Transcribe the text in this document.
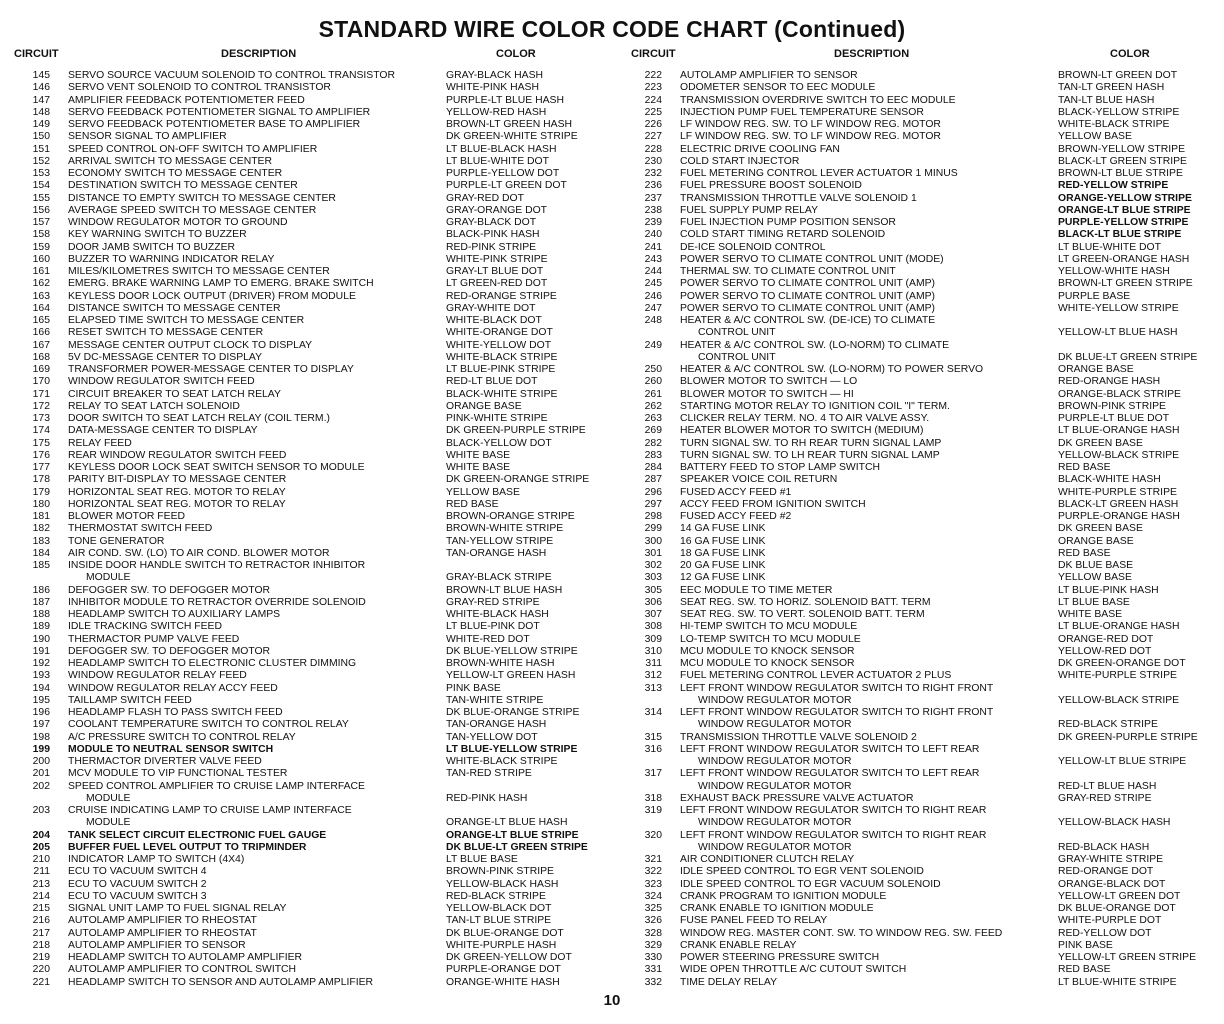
STANDARD WIRE COLOR CODE CHART (Continued)
CIRCUIT	DESCRIPTION	COLOR
145	SERVO SOURCE VACUUM SOLENOID TO CONTROL TRANSISTOR	GRAY-BLACK HASH
146	SERVO VENT SOLENOID TO CONTROL TRANSISTOR	WHITE-PINK HASH
147	AMPLIFIER FEEDBACK POTENTIOMETER FEED	PURPLE-LT BLUE HASH
148	SERVO FEEDBACK POTENTIOMETER SIGNAL TO AMPLIFIER	YELLOW-RED HASH
149	SERVO FEEDBACK POTENTIOMETER BASE TO AMPLIFIER	BROWN-LT GREEN HASH
150	SENSOR SIGNAL TO AMPLIFIER	DK GREEN-WHITE STRIPE
151	SPEED CONTROL ON-OFF SWITCH TO AMPLIFIER	LT BLUE-BLACK HASH
152	ARRIVAL SWITCH TO MESSAGE CENTER	LT BLUE-WHITE DOT
153	ECONOMY SWITCH TO MESSAGE CENTER	PURPLE-YELLOW DOT
154	DESTINATION SWITCH TO MESSAGE CENTER	PURPLE-LT GREEN DOT
155	DISTANCE TO EMPTY SWITCH TO MESSAGE CENTER	GRAY-RED DOT
156	AVERAGE SPEED SWITCH TO MESSAGE CENTER	GRAY-ORANGE DOT
157	WINDOW REGULATOR MOTOR TO GROUND	GRAY-BLACK DOT
158	KEY WARNING SWITCH TO BUZZER	BLACK-PINK HASH
159	DOOR JAMB SWITCH TO BUZZER	RED-PINK STRIPE
160	BUZZER TO WARNING INDICATOR RELAY	WHITE-PINK STRIPE
161	MILES/KILOMETRES SWITCH TO MESSAGE CENTER	GRAY-LT BLUE DOT
162	EMERG. BRAKE WARNING LAMP TO EMERG. BRAKE SWITCH	LT GREEN-RED DOT
163	KEYLESS DOOR LOCK OUTPUT (DRIVER) FROM MODULE	RED-ORANGE STRIPE
164	DISTANCE SWITCH TO MESSAGE CENTER	GRAY-WHITE DOT
165	ELAPSED TIME SWITCH TO MESSAGE CENTER	WHITE-BLACK DOT
166	RESET SWITCH TO MESSAGE CENTER	WHITE-ORANGE DOT
167	MESSAGE CENTER OUTPUT CLOCK TO DISPLAY	WHITE-YELLOW DOT
168	5V DC-MESSAGE CENTER TO DISPLAY	WHITE-BLACK STRIPE
169	TRANSFORMER POWER-MESSAGE CENTER TO DISPLAY	LT BLUE-PINK STRIPE
170	WINDOW REGULATOR SWITCH FEED	RED-LT BLUE DOT
171	CIRCUIT BREAKER TO SEAT LATCH RELAY	BLACK-WHITE STRIPE
172	RELAY TO SEAT LATCH SOLENOID	ORANGE BASE
173	DOOR SWITCH TO SEAT LATCH RELAY (COIL TERM.)	PINK-WHITE STRIPE
174	DATA-MESSAGE CENTER TO DISPLAY	DK GREEN-PURPLE STRIPE
175	RELAY FEED	BLACK-YELLOW DOT
176	REAR WINDOW REGULATOR SWITCH FEED	WHITE BASE
177	KEYLESS DOOR LOCK SEAT SWITCH SENSOR TO MODULE	WHITE BASE
178	PARITY BIT-DISPLAY TO MESSAGE CENTER	DK GREEN-ORANGE STRIPE
179	HORIZONTAL SEAT REG. MOTOR TO RELAY	YELLOW BASE
180	HORIZONTAL SEAT REG. MOTOR TO RELAY	RED BASE
181	BLOWER MOTOR FEED	BROWN-ORANGE STRIPE
182	THERMOSTAT SWITCH FEED	BROWN-WHITE STRIPE
183	TONE GENERATOR	TAN-YELLOW STRIPE
184	AIR COND. SW. (LO) TO AIR COND. BLOWER MOTOR	TAN-ORANGE HASH
185	INSIDE DOOR HANDLE SWITCH TO RETRACTOR INHIBITOR
MODULE	GRAY-BLACK STRIPE
186	DEFOGGER SW. TO DEFOGGER MOTOR	BROWN-LT BLUE HASH
187	INHIBITOR MODULE TO RETRACTOR OVERRIDE SOLENOID	GRAY-RED STRIPE
188	HEADLAMP SWITCH TO AUXILIARY LAMPS	WHITE-BLACK HASH
189	IDLE TRACKING SWITCH FEED	LT BLUE-PINK DOT
190	THERMACTOR PUMP VALVE FEED	WHITE-RED DOT
191	DEFOGGER SW. TO DEFOGGER MOTOR	DK BLUE-YELLOW STRIPE
192	HEADLAMP SWITCH TO ELECTRONIC CLUSTER DIMMING	BROWN-WHITE HASH
193	WINDOW REGULATOR RELAY FEED	YELLOW-LT GREEN HASH
194	WINDOW REGULATOR RELAY ACCY FEED	PINK BASE
195	TAILLAMP SWITCH FEED	TAN-WHITE STRIPE
196	HEADLAMP FLASH TO PASS SWITCH FEED	DK BLUE-ORANGE STRIPE
197	COOLANT TEMPERATURE SWITCH TO CONTROL RELAY	TAN-ORANGE HASH
198	A/C PRESSURE SWITCH TO CONTROL RELAY	TAN-YELLOW DOT
199	MODULE TO NEUTRAL SENSOR SWITCH	LT BLUE-YELLOW STRIPE
200	THERMACTOR DIVERTER VALVE FEED	WHITE-BLACK STRIPE
201	MCV MODULE TO VIP FUNCTIONAL TESTER	TAN-RED STRIPE
202	SPEED CONTROL AMPLIFIER TO CRUISE LAMP INTERFACE
MODULE	RED-PINK HASH
203	CRUISE INDICATING LAMP TO CRUISE LAMP INTERFACE
MODULE	ORANGE-LT BLUE HASH
204	TANK SELECT CIRCUIT ELECTRONIC FUEL GAUGE	ORANGE-LT BLUE STRIPE
205	BUFFER FUEL LEVEL OUTPUT TO TRIPMINDER	DK BLUE-LT GREEN STRIPE
210	INDICATOR LAMP TO SWITCH (4X4)	LT BLUE BASE
211	ECU TO VACUUM SWITCH 4	BROWN-PINK STRIPE
213	ECU TO VACUUM SWITCH 2	YELLOW-BLACK HASH
214	ECU TO VACUUM SWITCH 3	RED-BLACK STRIPE
215	SIGNAL UNIT LAMP TO FUEL SIGNAL RELAY	YELLOW-BLACK DOT
216	AUTOLAMP AMPLIFIER TO RHEOSTAT	TAN-LT BLUE STRIPE
217	AUTOLAMP AMPLIFIER TO RHEOSTAT	DK BLUE-ORANGE DOT
218	AUTOLAMP AMPLIFIER TO SENSOR	WHITE-PURPLE HASH
219	HEADLAMP SWITCH TO AUTOLAMP AMPLIFIER	DK GREEN-YELLOW DOT
220	AUTOLAMP AMPLIFIER TO CONTROL SWITCH	PURPLE-ORANGE DOT
221	HEADLAMP SWITCH TO SENSOR AND AUTOLAMP AMPLIFIER	ORANGE-WHITE HASH
CIRCUIT	DESCRIPTION	COLOR
222	AUTOLAMP AMPLIFIER TO SENSOR	BROWN-LT GREEN DOT
223	ODOMETER SENSOR TO EEC MODULE	TAN-LT GREEN HASH
224	TRANSMISSION OVERDRIVE SWITCH TO EEC MODULE	TAN-LT BLUE HASH
225	INJECTION PUMP FUEL TEMPERATURE SENSOR	BLACK-YELLOW STRIPE
226	LF WINDOW REG. SW. TO LF WINDOW REG. MOTOR	WHITE-BLACK STRIPE
227	LF WINDOW REG. SW. TO LF WINDOW REG. MOTOR	YELLOW BASE
228	ELECTRIC DRIVE COOLING FAN	BROWN-YELLOW STRIPE
230	COLD START INJECTOR	BLACK-LT GREEN STRIPE
232	FUEL METERING CONTROL LEVER ACTUATOR 1 MINUS	BROWN-LT BLUE STRIPE
236	FUEL PRESSURE BOOST SOLENOID	RED-YELLOW STRIPE
237	TRANSMISSION THROTTLE VALVE SOLENOID 1	ORANGE-YELLOW STRIPE
238	FUEL SUPPLY PUMP RELAY	ORANGE-LT BLUE STRIPE
239	FUEL INJECTION PUMP POSITION SENSOR	PURPLE-YELLOW STRIPE
240	COLD START TIMING RETARD SOLENOID	BLACK-LT BLUE STRIPE
241	DE-ICE SOLENOID CONTROL	LT BLUE-WHITE DOT
243	POWER SERVO TO CLIMATE CONTROL UNIT (MODE)	LT GREEN-ORANGE HASH
244	THERMAL SW. TO CLIMATE CONTROL UNIT	YELLOW-WHITE HASH
245	POWER SERVO TO CLIMATE CONTROL UNIT (AMP)	BROWN-LT GREEN STRIPE
246	POWER SERVO TO CLIMATE CONTROL UNIT (AMP)	PURPLE BASE
247	POWER SERVO TO CLIMATE CONTROL UNIT (AMP)	WHITE-YELLOW STRIPE
248	HEATER & A/C CONTROL SW. (DE-ICE) TO CLIMATE
CONTROL UNIT	YELLOW-LT BLUE HASH
249	HEATER & A/C CONTROL SW. (LO-NORM) TO CLIMATE
CONTROL UNIT	DK BLUE-LT GREEN STRIPE
250	HEATER & A/C CONTROL SW. (LO-NORM) TO POWER SERVO	ORANGE BASE
260	BLOWER MOTOR TO SWITCH — LO	RED-ORANGE HASH
261	BLOWER MOTOR TO SWITCH — HI	ORANGE-BLACK STRIPE
262	STARTING MOTOR RELAY TO IGNITION COIL "I" TERM.	BROWN-PINK STRIPE
263	CLICKER RELAY TERM. NO. 4 TO AIR VALVE ASSY.	PURPLE-LT BLUE DOT
269	HEATER BLOWER MOTOR TO SWITCH (MEDIUM)	LT BLUE-ORANGE HASH
282	TURN SIGNAL SW. TO RH REAR TURN SIGNAL LAMP	DK GREEN BASE
283	TURN SIGNAL SW. TO LH REAR TURN SIGNAL LAMP	YELLOW-BLACK STRIPE
284	BATTERY FEED TO STOP LAMP SWITCH	RED BASE
287	SPEAKER VOICE COIL RETURN	BLACK-WHITE HASH
296	FUSED ACCY FEED #1	WHITE-PURPLE STRIPE
297	ACCY FEED FROM IGNITION SWITCH	BLACK-LT GREEN HASH
298	FUSED ACCY FEED #2	PURPLE-ORANGE HASH
299	14 GA FUSE LINK	DK GREEN BASE
300	16 GA FUSE LINK	ORANGE BASE
301	18 GA FUSE LINK	RED BASE
302	20 GA FUSE LINK	DK BLUE BASE
303	12 GA FUSE LINK	YELLOW BASE
305	EEC MODULE TO TIME METER	LT BLUE-PINK HASH
306	SEAT REG. SW. TO HORIZ. SOLENOID BATT. TERM	LT BLUE BASE
307	SEAT REG. SW. TO VERT. SOLENOID BATT. TERM	WHITE BASE
308	HI-TEMP SWITCH TO MCU MODULE	LT BLUE-ORANGE HASH
309	LO-TEMP SWITCH TO MCU MODULE	ORANGE-RED DOT
310	MCU MODULE TO KNOCK SENSOR	YELLOW-RED DOT
311	MCU MODULE TO KNOCK SENSOR	DK GREEN-ORANGE DOT
312	FUEL METERING CONTROL LEVER ACTUATOR 2 PLUS	WHITE-PURPLE STRIPE
313	LEFT FRONT WINDOW REGULATOR SWITCH TO RIGHT FRONT
WINDOW REGULATOR MOTOR	YELLOW-BLACK STRIPE
314	LEFT FRONT WINDOW REGULATOR SWITCH TO RIGHT FRONT
WINDOW REGULATOR MOTOR	RED-BLACK STRIPE
315	TRANSMISSION THROTTLE VALVE SOLENOID 2	DK GREEN-PURPLE STRIPE
316	LEFT FRONT WINDOW REGULATOR SWITCH TO LEFT REAR
WINDOW REGULATOR MOTOR	YELLOW-LT BLUE STRIPE
317	LEFT FRONT WINDOW REGULATOR SWITCH TO LEFT REAR
WINDOW REGULATOR MOTOR	RED-LT BLUE HASH
318	EXHAUST BACK PRESSURE VALVE ACTUATOR	GRAY-RED STRIPE
319	LEFT FRONT WINDOW REGULATOR SWITCH TO RIGHT REAR
WINDOW REGULATOR MOTOR	YELLOW-BLACK HASH
320	LEFT FRONT WINDOW REGULATOR SWITCH TO RIGHT REAR
WINDOW REGULATOR MOTOR	RED-BLACK HASH
321	AIR CONDITIONER CLUTCH RELAY	GRAY-WHITE STRIPE
322	IDLE SPEED CONTROL TO EGR VENT SOLENOID	RED-ORANGE DOT
323	IDLE SPEED CONTROL TO EGR VACUUM SOLENOID	ORANGE-BLACK DOT
324	CRANK PROGRAM TO IGNITION MODULE	YELLOW-LT GREEN DOT
325	CRANK ENABLE TO IGNITION MODULE	DK BLUE-ORANGE DOT
326	FUSE PANEL FEED TO RELAY	WHITE-PURPLE DOT
328	WINDOW REG. MASTER CONT. SW. TO WINDOW REG. SW. FEED	RED-YELLOW DOT
329	CRANK ENABLE RELAY	PINK BASE
330	POWER STEERING PRESSURE SWITCH	YELLOW-LT GREEN STRIPE
331	WIDE OPEN THROTTLE A/C CUTOUT SWITCH	RED BASE
332	TIME DELAY RELAY	LT BLUE-WHITE STRIPE
10
